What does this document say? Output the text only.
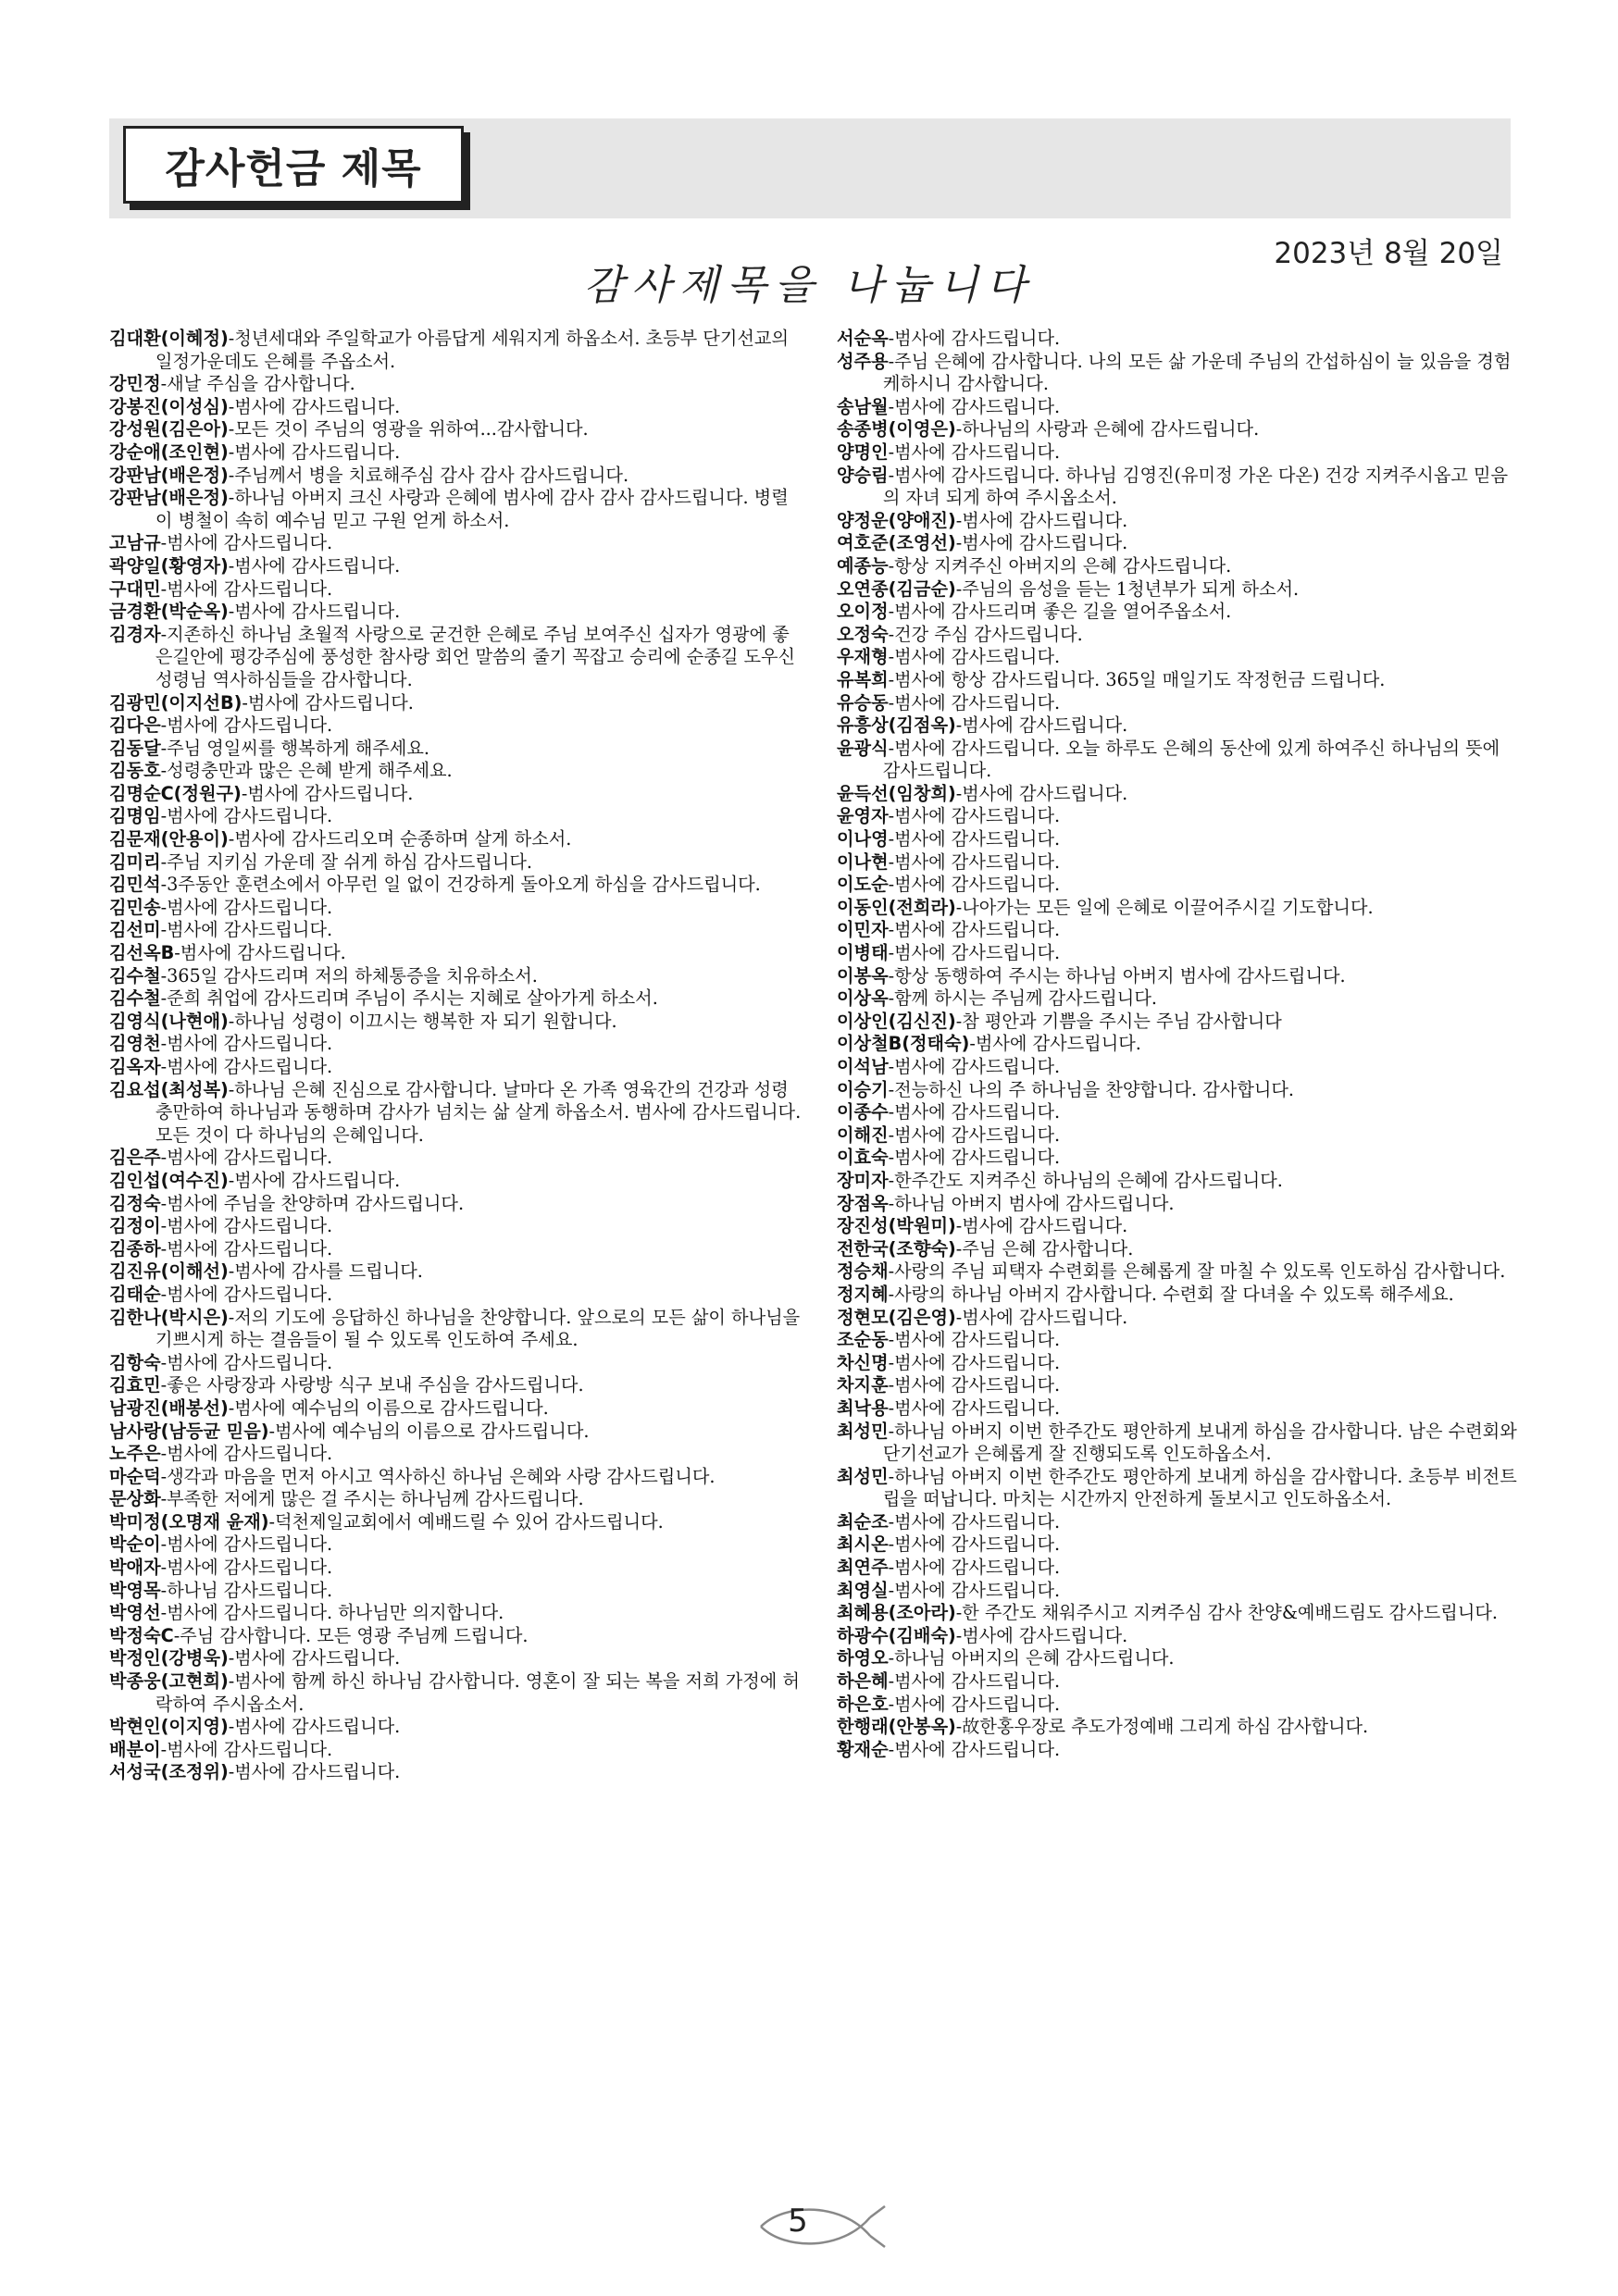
감사헌금 제목
2023년 8월 20일
감사제목을 나눕니다
김대환(이혜정)-청년세대와 주일학교가 아름답게 세워지게 하옵소서. 초등부 단기선교의 일정가운데도 은혜를 주옵소서.
강민정-새날 주심을 감사합니다.
강봉진(이성심)-범사에 감사드립니다.
강성원(김은아)-모든 것이 주님의 영광을 위하여...감사합니다.
강순애(조인현)-범사에 감사드립니다.
강판남(배은정)-주님께서 병을 치료해주심 감사 감사 감사드립니다.
강판남(배은정)-하나님 아버지 크신 사랑과 은혜에 범사에 감사 감사 감사드립니다. 병렬이 병철이 속히 예수님 믿고 구원 얻게 하소서.
고남규-범사에 감사드립니다.
곽양일(황영자)-범사에 감사드립니다.
구대민-범사에 감사드립니다.
금경환(박순옥)-범사에 감사드립니다.
김경자-지존하신 하나님 초월적 사랑으로 굳건한 은혜로 주님 보여주신 십자가 영광에 좋은길안에 평강주심에 풍성한 참사랑 회언 말씀의 줄기 꼭잡고 승리에 순종길 도우신 성령님 역사하심들을 감사합니다.
김광민(이지선B)-범사에 감사드립니다.
김다은-범사에 감사드립니다.
김동달-주님 영일씨를 행복하게 해주세요.
김동호-성령충만과 많은 은혜 받게 해주세요.
김명순C(정원구)-범사에 감사드립니다.
김명임-범사에 감사드립니다.
김문재(안용이)-범사에 감사드리오며 순종하며 살게 하소서.
김미리-주님 지키심 가운데 잘 쉬게 하심 감사드립니다.
김민석-3주동안 훈련소에서 아무런 일 없이 건강하게 돌아오게 하심을 감사드립니다.
김민송-범사에 감사드립니다.
김선미-범사에 감사드립니다.
김선옥B-범사에 감사드립니다.
김수철-365일 감사드리며 저의 하체통증을 치유하소서.
김수철-준희 취업에 감사드리며 주님이 주시는 지혜로 살아가게 하소서.
김영식(나현애)-하나님 성령이 이끄시는 행복한 자 되기 원합니다.
김영천-범사에 감사드립니다.
김옥자-범사에 감사드립니다.
김요섭(최성복)-하나님 은혜 진심으로 감사합니다. 날마다 온 가족 영육간의 건강과 성령충만하여 하나님과 동행하며 감사가 넘치는 삶 살게 하옵소서. 범사에 감사드립니다. 모든 것이 다 하나님의 은혜입니다.
김은주-범사에 감사드립니다.
김인섭(여수진)-범사에 감사드립니다.
김정숙-범사에 주님을 찬양하며 감사드립니다.
김정이-범사에 감사드립니다.
김종하-범사에 감사드립니다.
김진유(이해선)-범사에 감사를 드립니다.
김태순-범사에 감사드립니다.
김한나(박시은)-저의 기도에 응답하신 하나님을 찬양합니다. 앞으로의 모든 삶이 하나님을 기쁘시게 하는 결음들이 될 수 있도록 인도하여 주세요.
김항숙-범사에 감사드립니다.
김효민-좋은 사랑장과 사랑방 식구 보내 주심을 감사드립니다.
남광진(배봉선)-범사에 예수님의 이름으로 감사드립니다.
남사랑(남등균 믿음)-범사에 예수님의 이름으로 감사드립니다.
노주은-범사에 감사드립니다.
마순덕-생각과 마음을 먼저 아시고 역사하신 하나님 은혜와 사랑 감사드립니다.
문상화-부족한 저에게 많은 걸 주시는 하나님께 감사드립니다.
박미정(오명재 윤재)-덕천제일교회에서 예배드릴 수 있어 감사드립니다.
박순이-범사에 감사드립니다.
박애자-범사에 감사드립니다.
박영목-하나님 감사드립니다.
박영선-범사에 감사드립니다. 하나님만 의지합니다.
박정숙C-주님 감사합니다. 모든 영광 주님께 드립니다.
박정인(강병욱)-범사에 감사드립니다.
박종웅(고현희)-범사에 함께 하신 하나님 감사합니다. 영혼이 잘 되는 복을 저희 가정에 허락하여 주시옵소서.
박현인(이지영)-범사에 감사드립니다.
배분이-범사에 감사드립니다.
서성국(조정위)-범사에 감사드립니다.
서순옥-범사에 감사드립니다.
성주용-주님 은혜에 감사합니다. 나의 모든 삶 가운데 주님의 간섭하심이 늘 있음을 경험케하시니 감사합니다.
송남월-범사에 감사드립니다.
송종병(이영은)-하나님의 사랑과 은혜에 감사드립니다.
양명인-범사에 감사드립니다.
양승림-범사에 감사드립니다. 하나님 김영진(유미정 가온 다온) 건강 지켜주시옵고 믿음의 자녀 되게 하여 주시옵소서.
양정운(양애진)-범사에 감사드립니다.
여호준(조영선)-범사에 감사드립니다.
예종능-항상 지켜주신 아버지의 은혜 감사드립니다.
오연종(김금순)-주님의 음성을 듣는 1청년부가 되게 하소서.
오이정-범사에 감사드리며 좋은 길을 열어주옵소서.
오정숙-건강 주심 감사드립니다.
우재형-범사에 감사드립니다.
유복희-범사에 항상 감사드립니다. 365일 매일기도 작정헌금 드립니다.
유승동-범사에 감사드립니다.
유흥상(김점옥)-범사에 감사드립니다.
윤광식-범사에 감사드립니다. 오늘 하루도 은혜의 동산에 있게 하여주신 하나님의 뜻에 감사드립니다.
윤득선(임창희)-범사에 감사드립니다.
윤영자-범사에 감사드립니다.
이나영-범사에 감사드립니다.
이나현-범사에 감사드립니다.
이도순-범사에 감사드립니다.
이동인(전희라)-나아가는 모든 일에 은혜로 이끌어주시길 기도합니다.
이민자-범사에 감사드립니다.
이병태-범사에 감사드립니다.
이봉옥-항상 동행하여 주시는 하나님 아버지 범사에 감사드립니다.
이상옥-함께 하시는 주님께 감사드립니다.
이상인(김신진)-참 평안과 기쁨을 주시는 주님 감사합니다
이상철B(정태숙)-범사에 감사드립니다.
이석남-범사에 감사드립니다.
이승기-전능하신 나의 주 하나님을 찬양합니다. 감사합니다.
이종수-범사에 감사드립니다.
이해진-범사에 감사드립니다.
이효숙-범사에 감사드립니다.
장미자-한주간도 지켜주신 하나님의 은혜에 감사드립니다.
장점옥-하나님 아버지 범사에 감사드립니다.
장진성(박원미)-범사에 감사드립니다.
전한국(조향숙)-주님 은혜 감사합니다.
정승채-사랑의 주님 피택자 수련회를 은혜롭게 잘 마칠 수 있도록 인도하심 감사합니다.
정지혜-사랑의 하나님 아버지 감사합니다. 수련회 잘 다녀올 수 있도록 해주세요.
정현모(김은영)-범사에 감사드립니다.
조순동-범사에 감사드립니다.
차신명-범사에 감사드립니다.
차지훈-범사에 감사드립니다.
최낙용-범사에 감사드립니다.
최성민-하나님 아버지 이번 한주간도 평안하게 보내게 하심을 감사합니다. 남은 수련회와 단기선교가 은혜롭게 잘 진행되도록 인도하옵소서.
최성민-하나님 아버지 이번 한주간도 평안하게 보내게 하심을 감사합니다. 초등부 비전트립을 떠납니다. 마치는 시간까지 안전하게 돌보시고 인도하옵소서.
최순조-범사에 감사드립니다.
최시온-범사에 감사드립니다.
최연주-범사에 감사드립니다.
최영실-범사에 감사드립니다.
최혜용(조아라)-한 주간도 채워주시고 지켜주심 감사 찬양&예배드림도 감사드립니다.
하광수(김배숙)-범사에 감사드립니다.
하영오-하나님 아버지의 은혜 감사드립니다.
하은혜-범사에 감사드립니다.
하은호-범사에 감사드립니다.
한행래(안봉옥)-故한홍우장로 추도가정예배 그리게 하심 감사합니다.
황재순-범사에 감사드립니다.
5
